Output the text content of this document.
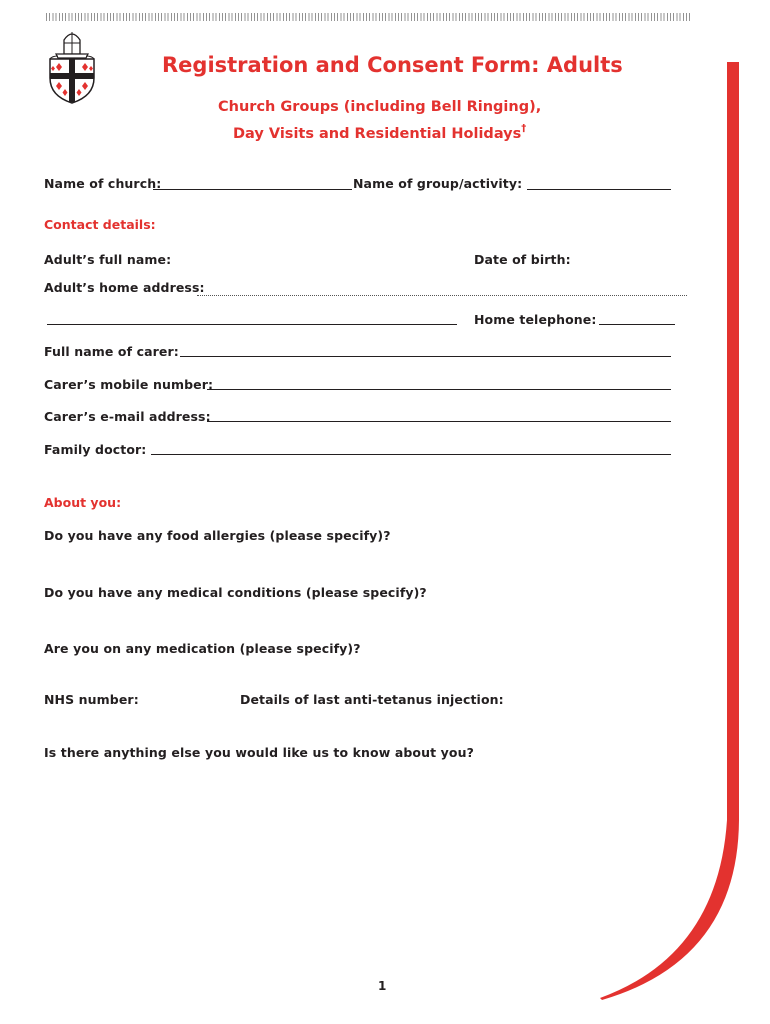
Registration and Consent Form: Adults
Church Groups (including Bell Ringing),
Day Visits and Residential Holidays†
Name of church:	Name of group/activity:
Contact details:
Adult’s full name:	Date of birth:
Adult’s home address:
Home telephone:
Full name of carer:
Carer’s mobile number:
Carer’s e-mail address:
Family doctor:
About you:
Do you have any food allergies (please specify)?
Do you have any medical conditions (please specify)?
Are you on any medication (please specify)?
NHS number:	Details of last anti-tetanus injection:
Is there anything else you would like us to know about you?
1
